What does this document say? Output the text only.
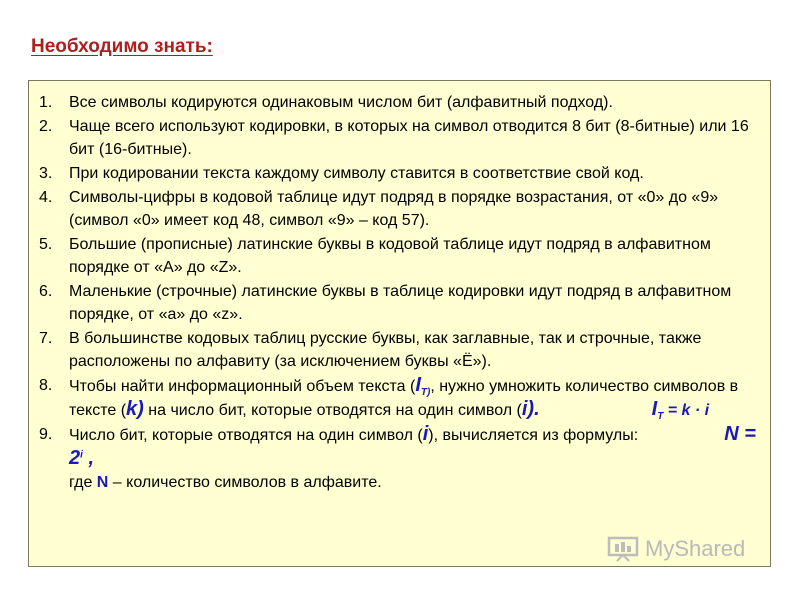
Необходимо знать:
1.	Все символы кодируются одинаковым числом бит (алфавитный подход).
2.	Чаще всего используют кодировки, в которых на символ отводится 8 бит (8-битные) или 16 бит (16-битные).
3.	При кодировании текста каждому символу ставится в соответствие свой код.
4.	Символы-цифры в кодовой таблице идут подряд в порядке возрастания, от «0» до «9» (символ «0» имеет код 48, символ «9» – код 57).
5.	Большие (прописные) латинские буквы в кодовой таблице идут подряд в алфавитном порядке от «A» до «Z».
6.	Маленькие (строчные) латинские буквы в таблице кодировки идут подряд в алфавитном порядке, от «a» до «z».
7.	В большинстве кодовых таблиц русские буквы, как заглавные, так и строчные, также расположены по алфавиту (за исключением буквы «Ё»).
8.	Чтобы найти информационный объем текста ($I_{T)}$, нужно умножить количество символов в тексте (k) на число бит, которые отводятся на один символ (i).	$I_T = k \cdot i$
9.	Число бит, которые отводятся на один символ (i), вычисляется из формулы:	$N = 2^i$ ,
где N – количество символов в алфавите.
MyShared
